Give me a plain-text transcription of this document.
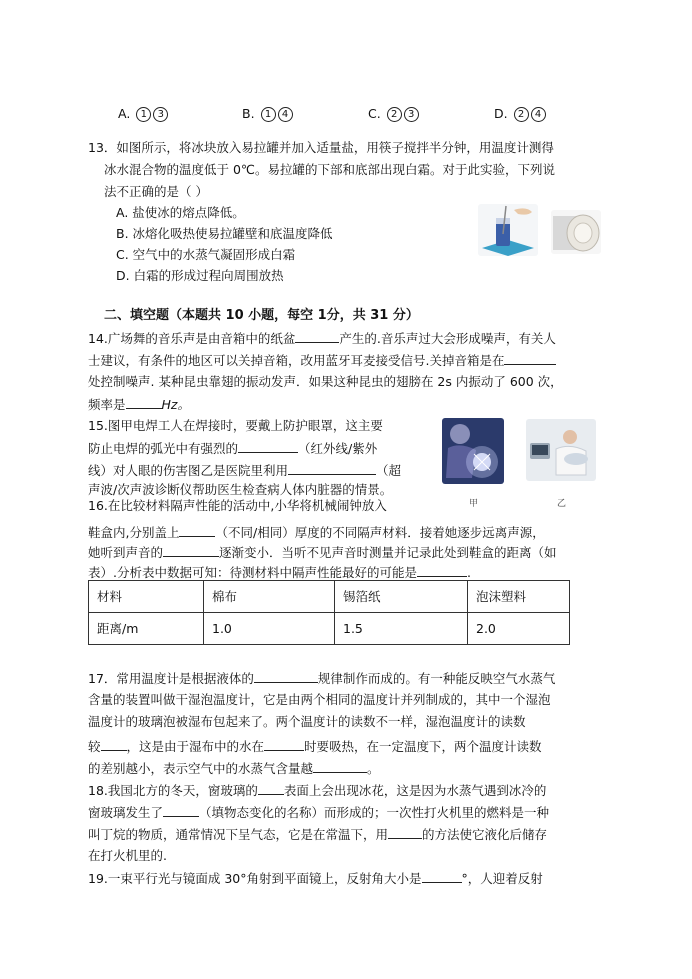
A. 1 3	B. 1 4	C. 2 3	D. 2 4
13．如图所示，将冰块放入易拉罐并加入适量盐，用筷子搅拌半分钟，用温度计测得
冰水混合物的温度低于 0℃。易拉罐的下部和底部出现白霜。对于此实验，下列说
法不正确的是（ ）
A. 盐使冰的熔点降低。
B. 冰熔化吸热使易拉罐壁和底温度降低
C. 空气中的水蒸气凝固形成白霜
D. 白霜的形成过程向周围放热
二、填空题（本题共 10 小题，每空 1分，共 31 分）
14.广场舞的音乐声是由音箱中的纸盆	产生的.音乐声过大会形成噪声，有关人
士建议，有条件的地区可以关掉音箱，改用蓝牙耳麦接受信号.关掉音箱是在
处控制噪声. 某种昆虫靠翅的振动发声．如果这种昆虫的翅膀在 2s 内振动了 600 次，
频率是	Hz。
15.图甲电焊工人在焊接时，要戴上防护眼罩，这主要
防止电焊的弧光中有强烈的	（红外线/紫外
线）对人眼的伤害图乙是医院里利用	（超
声波/次声波诊断仪帮助医生检查病人体内脏器的情景。
甲	乙
16.在比较材料隔声性能的活动中,小华将机械闹钟放入
鞋盒内,分别盖上	（不同/相同）厚度的不同隔声材料．接着她逐步远离声源，
她听到声音的	逐渐变小．当听不见声音时测量并记录此处到鞋盒的距离（如
表）.分析表中数据可知：待测材料中隔声性能最好的可能是	.
材料	棉布	锡箔纸	泡沫塑料
距离/m	1.0	1.5	2.0
17．常用温度计是根据液体的	规律制作而成的。有一种能反映空气水蒸气
含量的装置叫做干湿泡温度计，它是由两个相同的温度计并列制成的，其中一个湿泡
温度计的玻璃泡被湿布包起来了。两个温度计的读数不一样，湿泡温度计的读数
较 ，这是由于湿布中的水在	时要吸热，在一定温度下，两个温度计读数
的差别越小，表示空气中的水蒸气含量越	。
18.我国北方的冬天，窗玻璃的 表面上会出现冰花，这是因为水蒸气遇到冰冷的
窗玻璃发生了	（填物态变化的名称）而形成的；一次性打火机里的燃料是一种
叫丁烷的物质，通常情况下呈气态，它是在常温下，用	的方法使它液化后储存
在打火机里的.
19.一束平行光与镜面成 30°角射到平面镜上，反射角大小是	°，人迎着反射
